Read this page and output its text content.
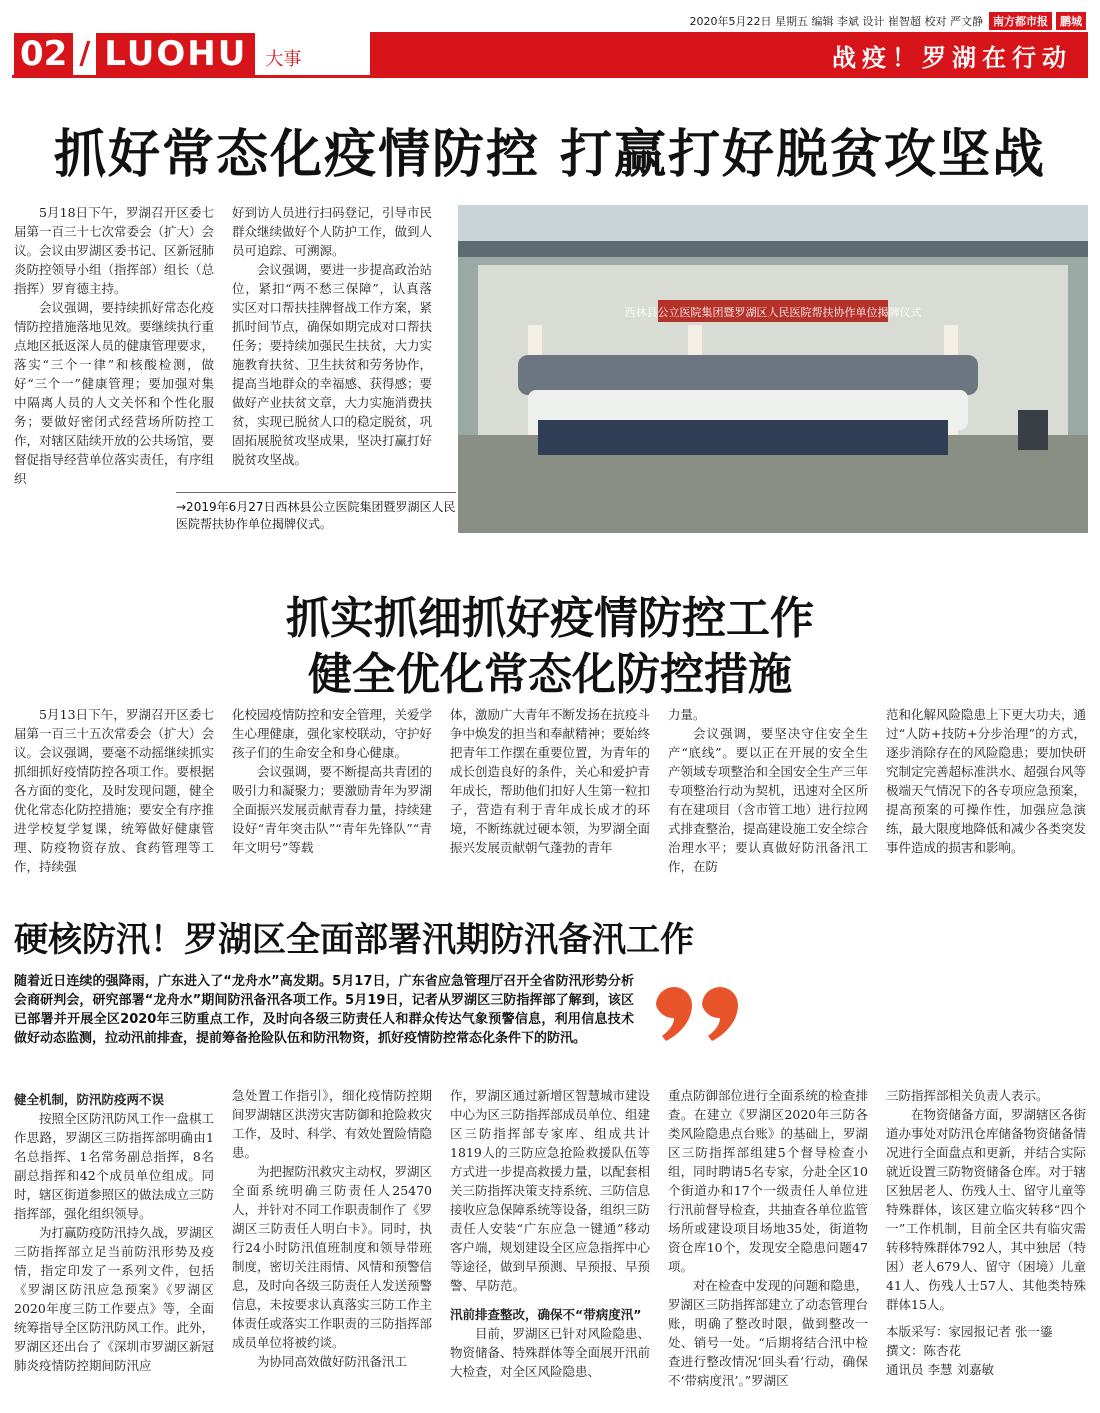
2020年5月22日 星期五 编辑 李斌 设计 崔智超 校对 严文静 南方都市报	鹏城
02 / LUOHU	大事	战疫！罗湖在行动
抓好常态化疫情防控 打赢打好脱贫攻坚战

5月18日下午，罗湖召开区委七届第一百三十七次常委会（扩大）会议。会议由罗湖区委书记、区新冠肺炎防控领导小组（指挥部）组长（总指挥）罗育德主持。

会议强调，要持续抓好常态化疫情防控措施落地见效。要继续执行重点地区抵返深人员的健康管理要求，落实“三个一律”和核酸检测，做好“三个一”健康管理；要加强对集中隔离人员的人文关怀和个性化服务；要做好密闭式经营场所防控工作，对辖区陆续开放的公共场馆，要督促指导经营单位落实责任，有序组织

好到访人员进行扫码登记，引导市民群众继续做好个人防护工作，做到人员可追踪、可溯源。

会议强调，要进一步提高政治站位，紧扣“两不愁三保障”，认真落实区对口帮扶挂牌督战工作方案，紧抓时间节点，确保如期完成对口帮扶任务；要持续加强民生扶贫，大力实施教育扶贫、卫生扶贫和劳务协作，提高当地群众的幸福感、获得感；要做好产业扶贫文章，大力实施消费扶贫，实现已脱贫人口的稳定脱贫，巩固拓展脱贫攻坚成果，坚决打赢打好脱贫攻坚战。

西林县公立医院集团暨罗湖区人民医院帮扶协作单位揭牌仪式
→2019年6月27日西林县公立医院集团暨罗湖区人民医院帮扶协作单位揭牌仪式。
抓实抓细抓好疫情防控工作
健全优化常态化防控措施

5月13日下午，罗湖召开区委七届第一百三十五次常委会（扩大）会议。会议强调，要毫不动摇继续抓实抓细抓好疫情防控各项工作。要根据各方面的变化，及时发现问题，健全优化常态化防控措施；要安全有序推进学校复学复课，统筹做好健康管理、防疫物资存放、食药管理等工作，持续强

化校园疫情防控和安全管理，关爱学生心理健康，强化家校联动，守护好孩子们的生命安全和身心健康。

会议强调，要不断提高共青团的吸引力和凝聚力；要激励青年为罗湖全面振兴发展贡献青春力量，持续建设好“青年突击队”“青年先锋队”“青年文明号”等载

体，激励广大青年不断发扬在抗疫斗争中焕发的担当和奉献精神；要始终把青年工作摆在重要位置，为青年的成长创造良好的条件，关心和爱护青年成长，帮助他们扣好人生第一粒扣子，营造有利于青年成长成才的环境，不断练就过硬本领，为罗湖全面振兴发展贡献朝气蓬勃的青年

力量。

会议强调，要坚决守住安全生产“底线”。要以正在开展的安全生产领域专项整治和全国安全生产三年专项整治行动为契机，迅速对全区所有在建项目（含市管工地）进行拉网式排查整治，提高建设施工安全综合治理水平；要认真做好防汛备汛工作，在防

范和化解风险隐患上下更大功夫，通过“人防+技防+分步治理”的方式，逐步消除存在的风险隐患；要加快研究制定完善超标准洪水、超强台风等极端天气情况下的各专项应急预案，提高预案的可操作性，加强应急演练，最大限度地降低和减少各类突发事件造成的损害和影响。

硬核防汛！罗湖区全面部署汛期防汛备汛工作
随着近日连续的强降雨，广东进入了“龙舟水”高发期。5月17日，广东省应急管理厅召开全省防汛形势分析会商研判会，研究部署“龙舟水”期间防汛备汛各项工作。5月19日，记者从罗湖区三防指挥部了解到，该区已部署并开展全区2020年三防重点工作，及时向各级三防责任人和群众传达气象预警信息，利用信息技术做好动态监测，拉动汛前排查，提前筹备抢险队伍和防汛物资，抓好疫情防控常态化条件下的防汛。

健全机制，防汛防疫两不误

按照全区防汛防风工作一盘棋工作思路，罗湖区三防指挥部明确由1名总指挥、1名常务副总指挥，8名副总指挥和42个成员单位组成。同时，辖区街道参照区的做法成立三防指挥部，强化组织领导。

为打赢防疫防汛持久战，罗湖区三防指挥部立足当前防汛形势及疫情，指定印发了一系列文件，包括《罗湖区防汛应急预案》《罗湖区2020年度三防工作要点》等，全面统筹指导全区防汛防风工作。此外，罗湖区还出台了《深圳市罗湖区新冠肺炎疫情防控期间防汛应

急处置工作指引》，细化疫情防控期间罗湖辖区洪涝灾害防御和抢险救灾工作，及时、科学、有效处置险情隐患。

为把握防汛救灾主动权，罗湖区全面系统明确三防责任人25470人，并针对不同工作职责制作了《罗湖区三防责任人明白卡》。同时，执行24小时防汛值班制度和领导带班制度，密切关注雨情、风情和预警信息，及时向各级三防责任人发送预警信息，未按要求认真落实三防工作主体责任或落实工作职责的三防指挥部成员单位将被约谈。

为协同高效做好防汛备汛工

作，罗湖区通过新增区智慧城市建设中心为区三防指挥部成员单位、组建区三防指挥部专家库、组成共计1819人的三防应急抢险救援队伍等方式进一步提高救援力量，以配套相关三防指挥决策支持系统、三防信息接收应急保障系统等设备，组织三防责任人安装“广东应急一键通”移动客户端，规划建设全区应急指挥中心等途径，做到早预测、早预报、早预警、早防范。

汛前排查整改，确保不“带病度汛”

目前，罗湖区已针对风险隐患、物资储备、特殊群体等全面展开汛前大检查，对全区风险隐患、

重点防御部位进行全面系统的检查排查。在建立《罗湖区2020年三防各类风险隐患点台账》的基础上，罗湖区三防指挥部组建5个督导检查小组，同时聘请5名专家，分赴全区10个街道办和17个一级责任人单位进行汛前督导检查，共抽查各单位监管场所或建设项目场地35处，街道物资仓库10个，发现安全隐患问题47项。

对在检查中发现的问题和隐患，罗湖区三防指挥部建立了动态管理台账，明确了整改时限，做到整改一处、销号一处。“后期将结合汛中检查进行整改情况‘回头看’行动，确保不‘带病度汛’。”罗湖区

三防指挥部相关负责人表示。

在物资储备方面，罗湖辖区各街道办事处对防汛仓库储备物资储备情况进行全面盘点和更新，并结合实际就近设置三防物资储备仓库。对于辖区独居老人、伤残人士、留守儿童等特殊群体，该区建立临灾转移“四个一”工作机制，目前全区共有临灾需转移特殊群体792人，其中独居（特困）老人679人、留守（困境）儿童41人、伤残人士57人、其他类特殊群体15人。

本版采写：家园报记者 张一鎏

撰文：陈杏花

通讯员 李慧 刘嘉敏
